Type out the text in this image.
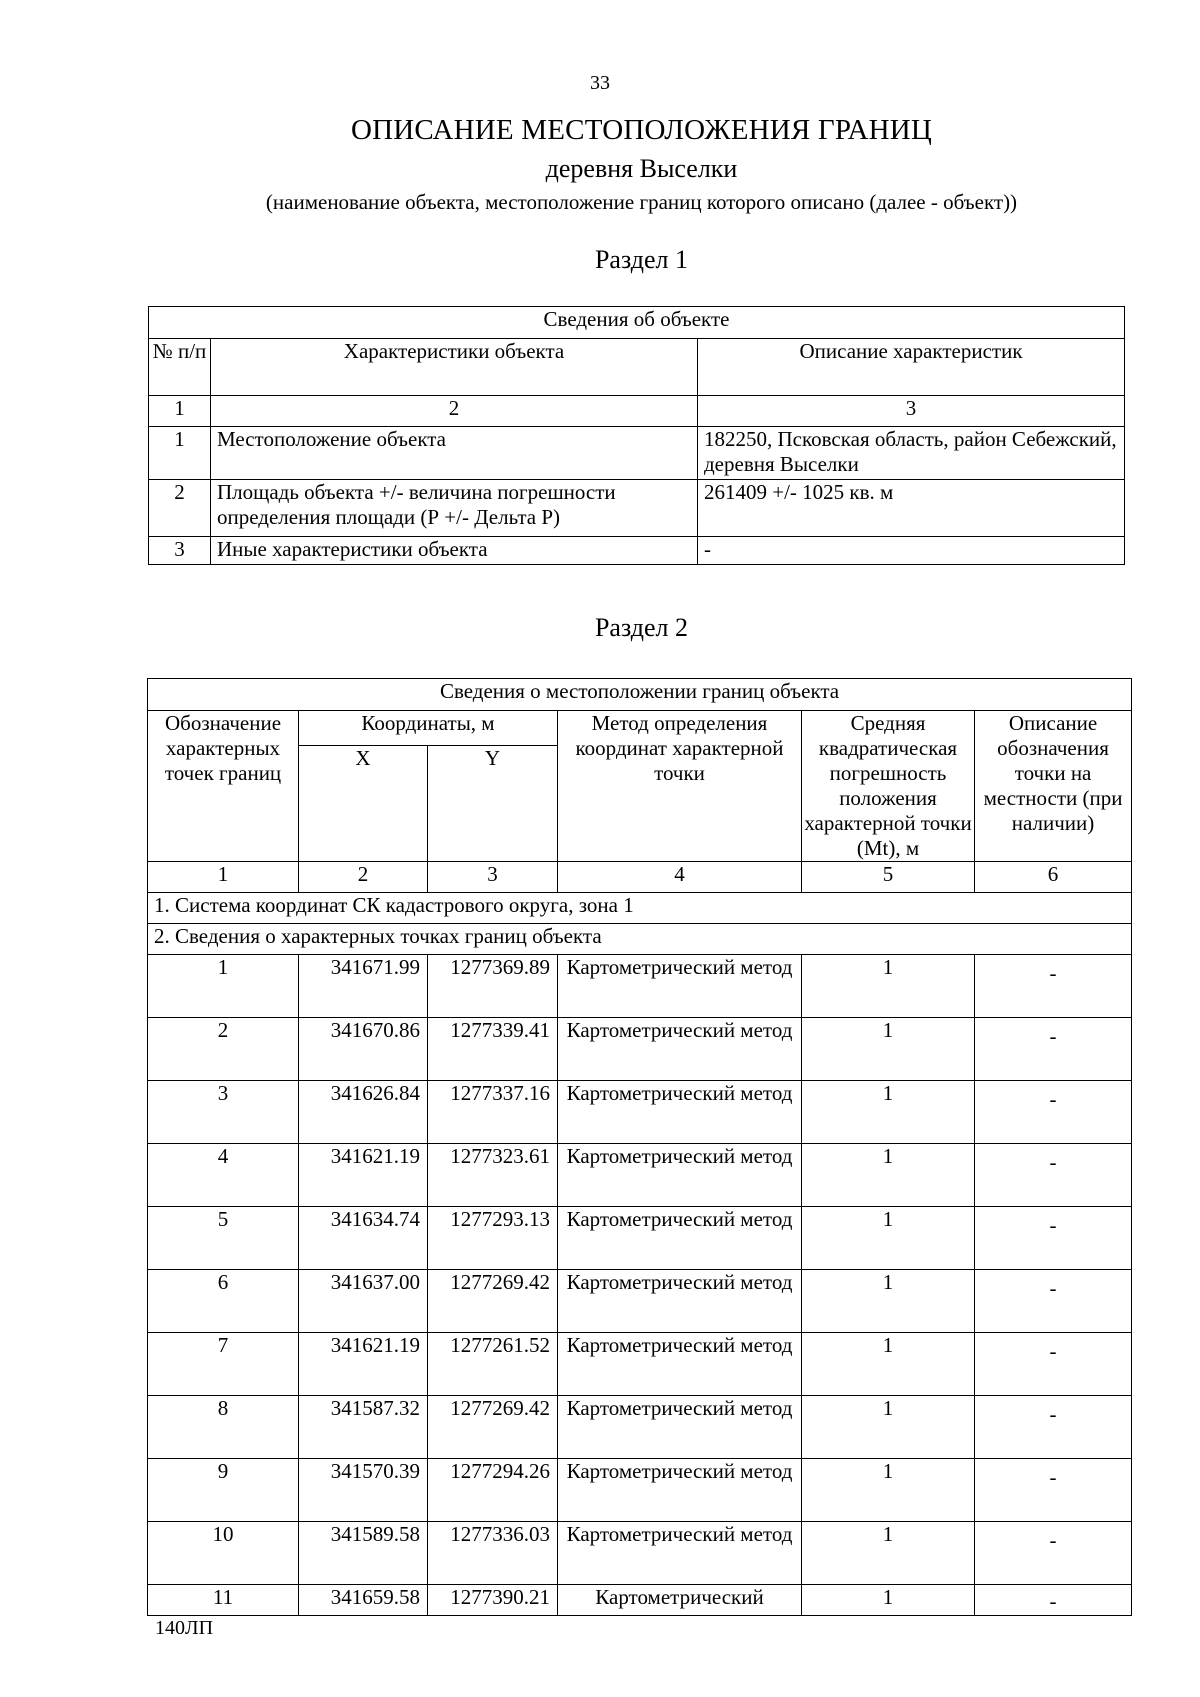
33
ОПИСАНИЕ МЕСТОПОЛОЖЕНИЯ ГРАНИЦ
деревня Выселки
(наименование объекта, местоположение границ которого описано (далее - объект))
Раздел 1
Сведения об объекте		
№ п/п	Характеристики объекта	Описание характеристик
1	2	3
1	Местоположение объекта	182250, Псковская область, район Себежский, деревня Выселки
2	Площадь объекта +/- величина погрешности определения площади (Р +/- Дельта Р)	261409 +/- 1025 кв. м
3	Иные характеристики объекта	-
Раздел 2
Сведения о местоположении границ объекта					
Обозначение характерных точек границ	Координаты, м		Метод определения координат характерной точки	Средняя квадратическая погрешность положения характерной точки (Mt), м	Описание обозначения точки на местности (при наличии)
	X	Y			
1	2	3	4	5	6
1. Система координат СК кадастрового округа, зона 1					
2. Сведения о характерных точках границ объекта					
1	341671.99	1277369.89	Картометрический метод	1	-
2	341670.86	1277339.41	Картометрический метод	1	-
3	341626.84	1277337.16	Картометрический метод	1	-
4	341621.19	1277323.61	Картометрический метод	1	-
5	341634.74	1277293.13	Картометрический метод	1	-
6	341637.00	1277269.42	Картометрический метод	1	-
7	341621.19	1277261.52	Картометрический метод	1	-
8	341587.32	1277269.42	Картометрический метод	1	-
9	341570.39	1277294.26	Картометрический метод	1	-
10	341589.58	1277336.03	Картометрический метод	1	-
11	341659.58	1277390.21	Картометрический	1	-
140ЛП
